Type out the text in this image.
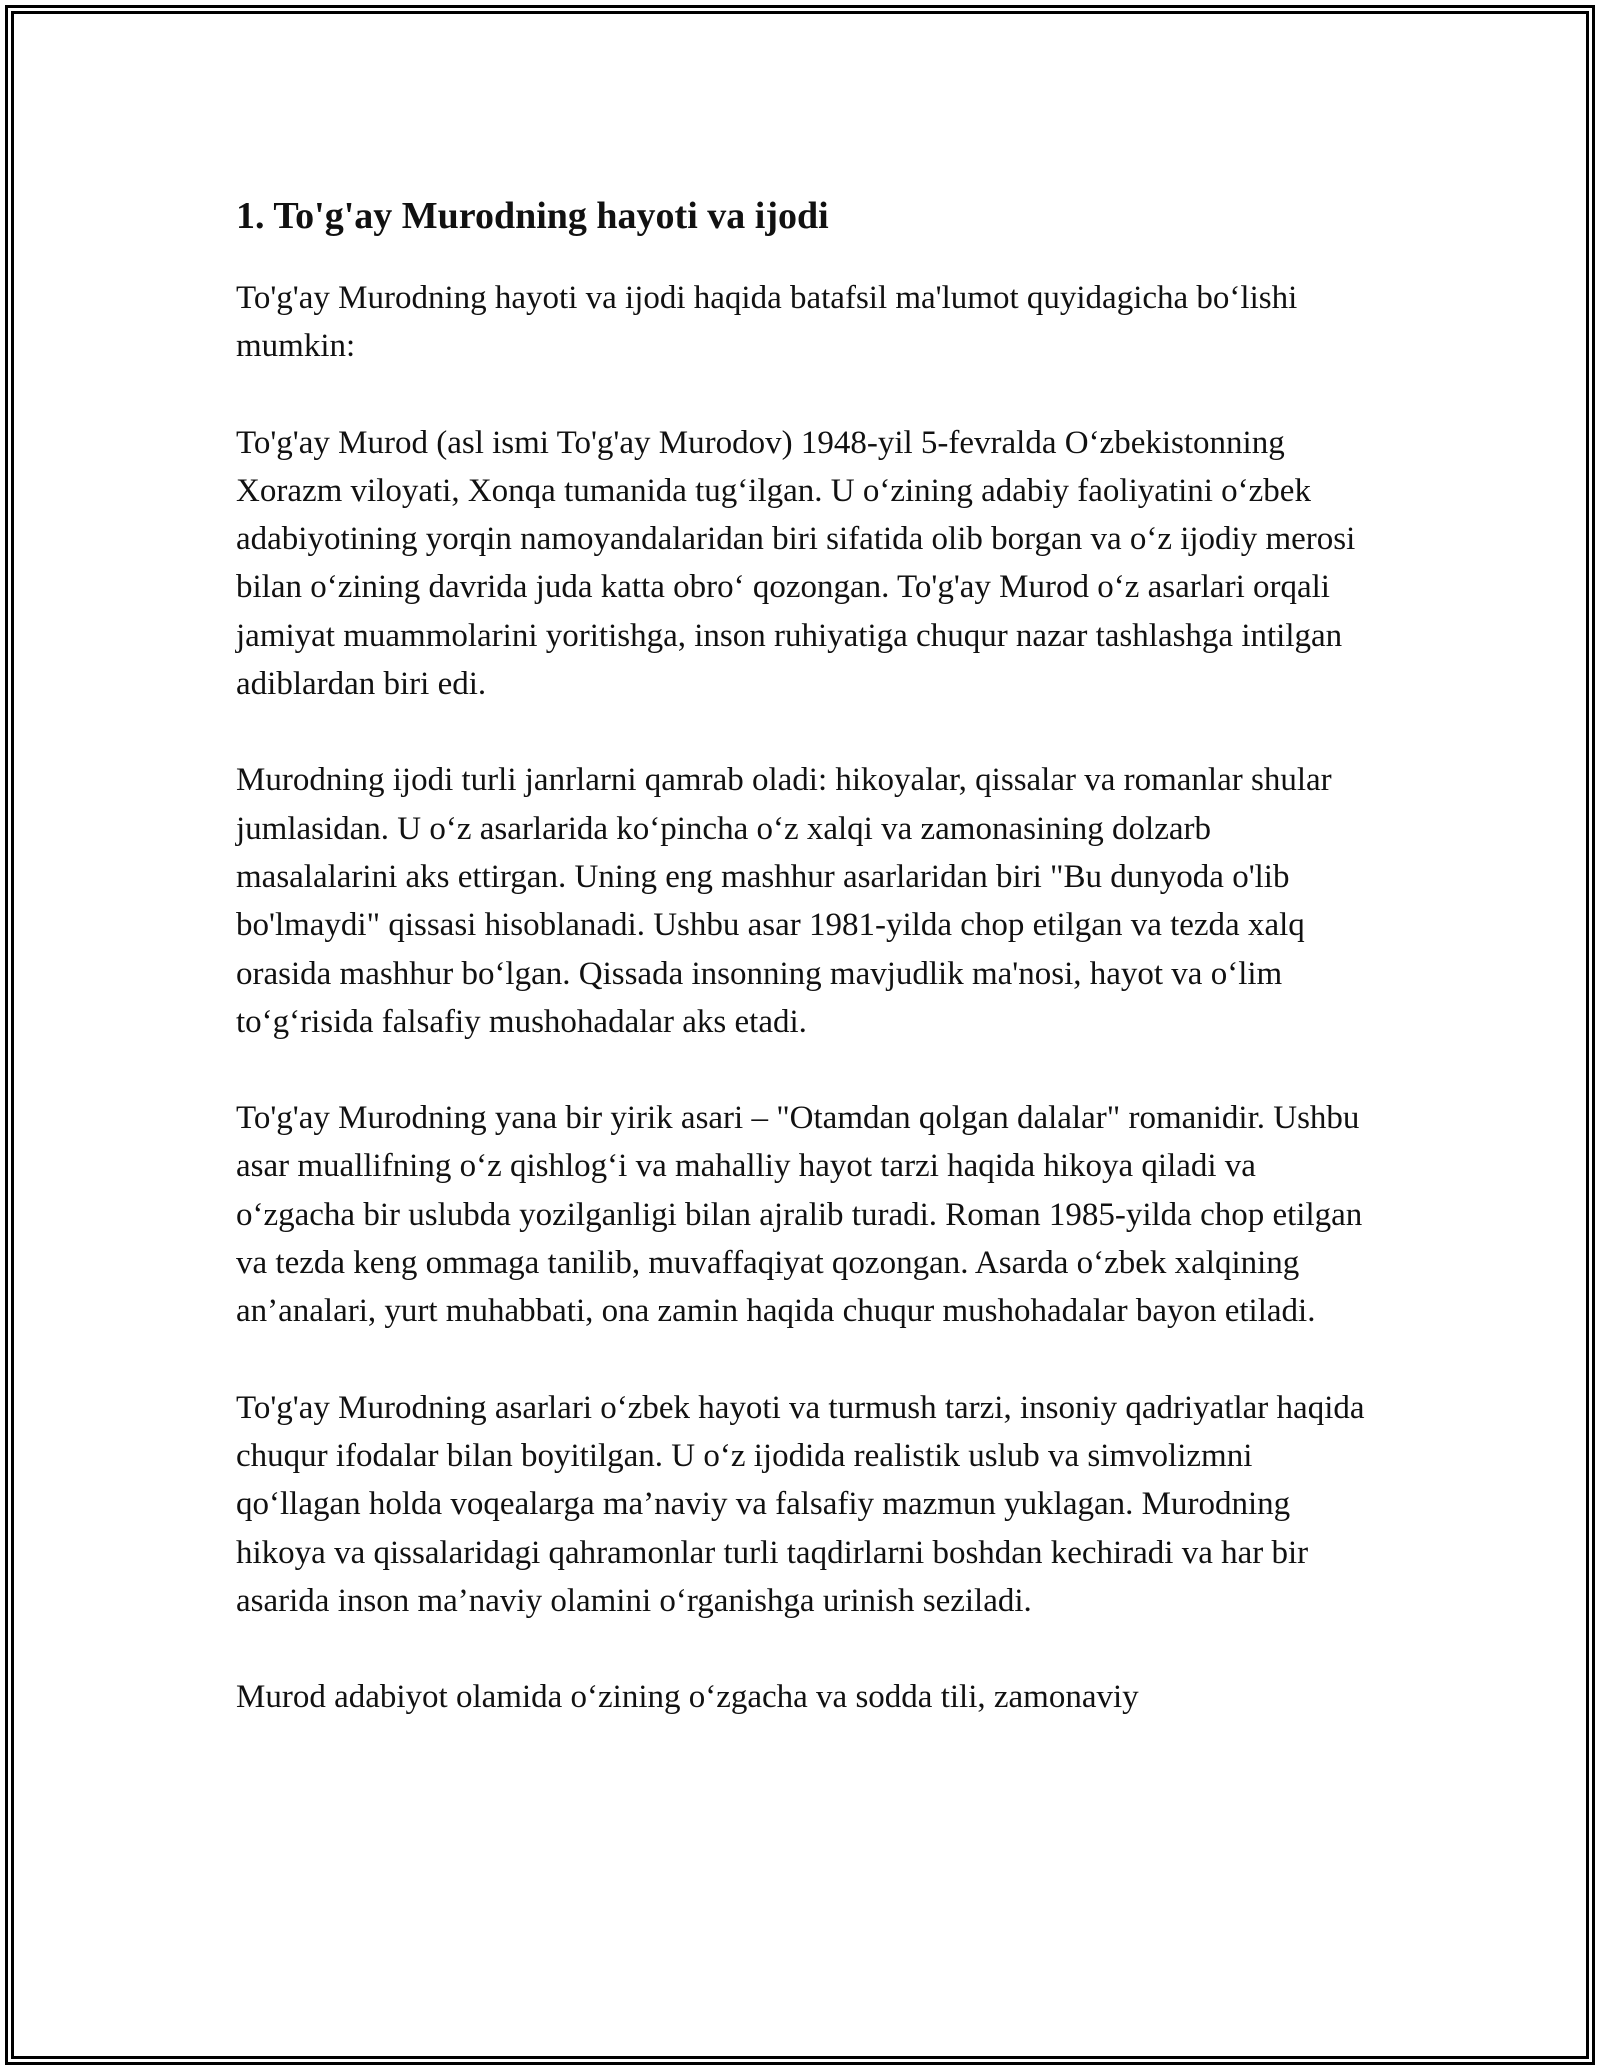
1. To'g'ay Murodning hayoti va ijodi

To'g'ay Murodning hayoti va ijodi haqida batafsil ma'lumot quyidagicha bo‘lishi mumkin:

To'g'ay Murod (asl ismi To'g'ay Murodov) 1948-yil 5-fevralda O‘zbekistonning Xorazm viloyati, Xonqa tumanida tug‘ilgan. U o‘zining adabiy faoliyatini o‘zbek adabiyotining yorqin namoyandalaridan biri sifatida olib borgan va o‘z ijodiy merosi bilan o‘zining davrida juda katta obro‘ qozongan. To'g'ay Murod o‘z asarlari orqali jamiyat muammolarini yoritishga, inson ruhiyatiga chuqur nazar tashlashga intilgan adiblardan biri edi.

Murodning ijodi turli janrlarni qamrab oladi: hikoyalar, qissalar va romanlar shular jumlasidan. U o‘z asarlarida ko‘pincha o‘z xalqi va zamonasining dolzarb masalalarini aks ettirgan. Uning eng mashhur asarlaridan biri "Bu dunyoda o'lib bo'lmaydi" qissasi hisoblanadi. Ushbu asar 1981-yilda chop etilgan va tezda xalq orasida mashhur bo‘lgan. Qissada insonning mavjudlik ma'nosi, hayot va o‘lim to‘g‘risida falsafiy mushohadalar aks etadi.

To'g'ay Murodning yana bir yirik asari – "Otamdan qolgan dalalar" romanidir. Ushbu asar muallifning o‘z qishlog‘i va mahalliy hayot tarzi haqida hikoya qiladi va o‘zgacha bir uslubda yozilganligi bilan ajralib turadi. Roman 1985-yilda chop etilgan va tezda keng ommaga tanilib, muvaffaqiyat qozongan. Asarda o‘zbek xalqining an’analari, yurt muhabbati, ona zamin haqida chuqur mushohadalar bayon etiladi.

To'g'ay Murodning asarlari o‘zbek hayoti va turmush tarzi, insoniy qadriyatlar haqida chuqur ifodalar bilan boyitilgan. U o‘z ijodida realistik uslub va simvolizmni qo‘llagan holda voqealarga ma’naviy va falsafiy mazmun yuklagan. Murodning hikoya va qissalaridagi qahramonlar turli taqdirlarni boshdan kechiradi va har bir asarida inson ma’naviy olamini o‘rganishga urinish seziladi.

Murod adabiyot olamida o‘zining o‘zgacha va sodda tili, zamonaviy
